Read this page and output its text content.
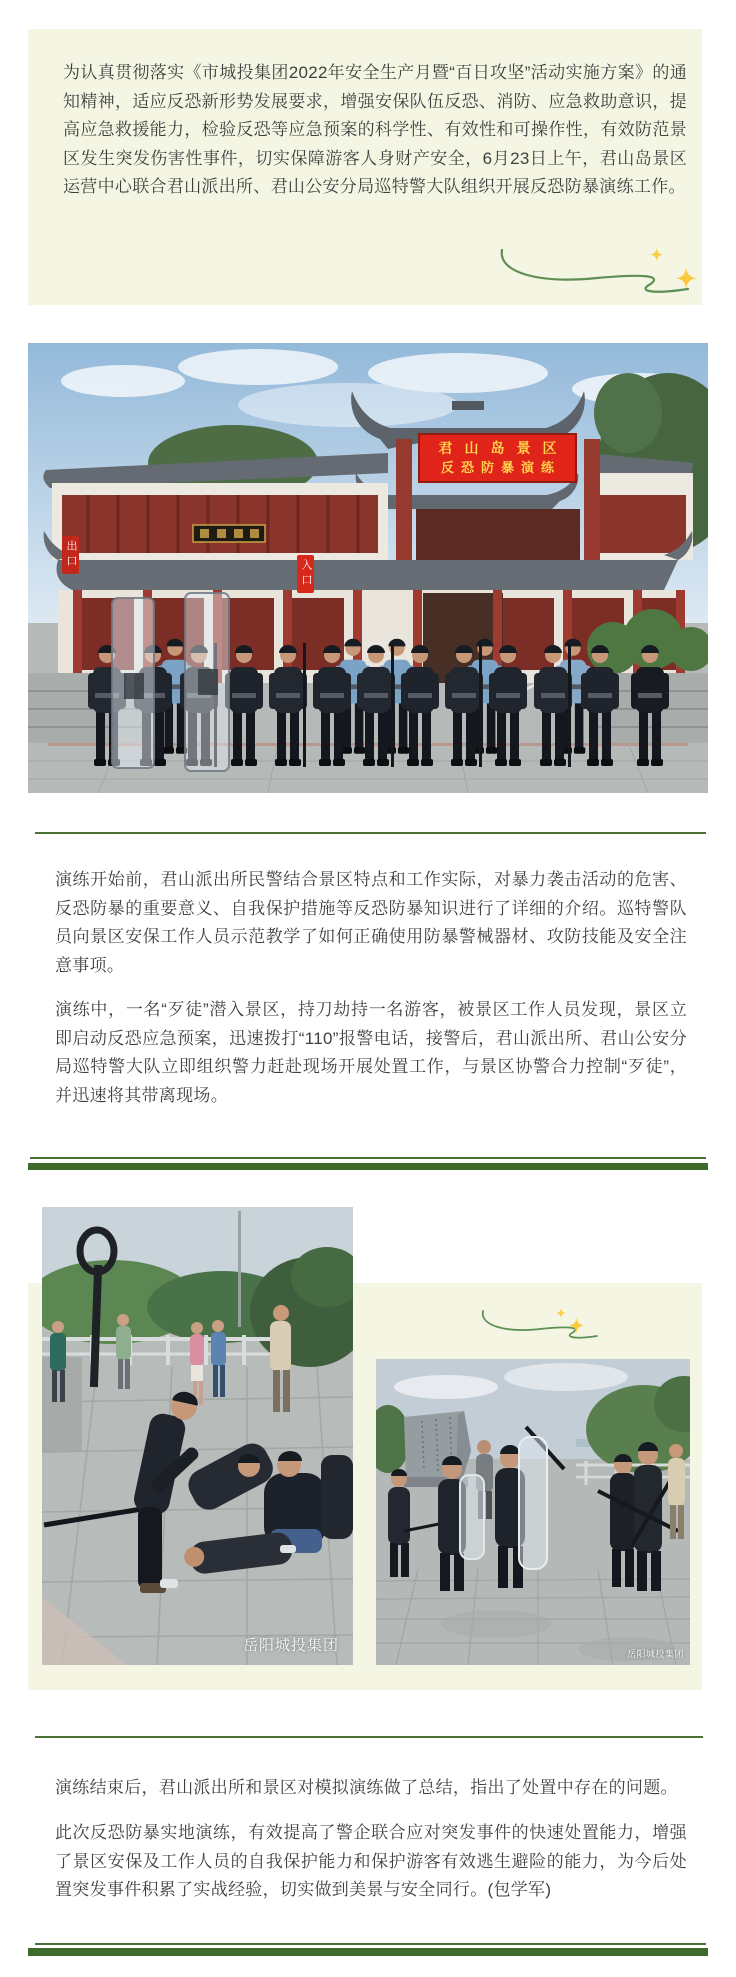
为认真贯彻落实《市城投集团2022年安全生产月暨“百日攻坚”活动实施方案》的通知精神，适应反恐新形势发展要求，增强安保队伍反恐、消防、应急救助意识，提高应急救援能力，检验反恐等应急预案的科学性、有效性和可操作性，有效防范景区发生突发伤害性事件，切实保障游客人身财产安全，6月23日上午，君山岛景区运营中心联合君山派出所、君山公安分局巡特警大队组织开展反恐防暴演练工作。
君山岛景区
反恐防暴演练
出口
入口
演练开始前，君山派出所民警结合景区特点和工作实际，对暴力袭击活动的危害、反恐防暴的重要意义、自我保护措施等反恐防暴知识进行了详细的介绍。巡特警队员向景区安保工作人员示范教学了如何正确使用防暴警械器材、攻防技能及安全注意事项。
演练中，一名“歹徒”潜入景区，持刀劫持一名游客，被景区工作人员发现，景区立即启动反恐应急预案，迅速拨打“110”报警电话，接警后，君山派出所、君山公安分局巡特警大队立即组织警力赶赴现场开展处置工作，与景区协警合力控制“歹徒”，并迅速将其带离现场。
岳阳城投集团	岳阳城投集团
演练结束后，君山派出所和景区对模拟演练做了总结，指出了处置中存在的问题。
此次反恐防暴实地演练，有效提高了警企联合应对突发事件的快速处置能力，增强了景区安保及工作人员的自我保护能力和保护游客有效逃生避险的能力，为今后处置突发事件积累了实战经验，切实做到美景与安全同行。(包学军)
